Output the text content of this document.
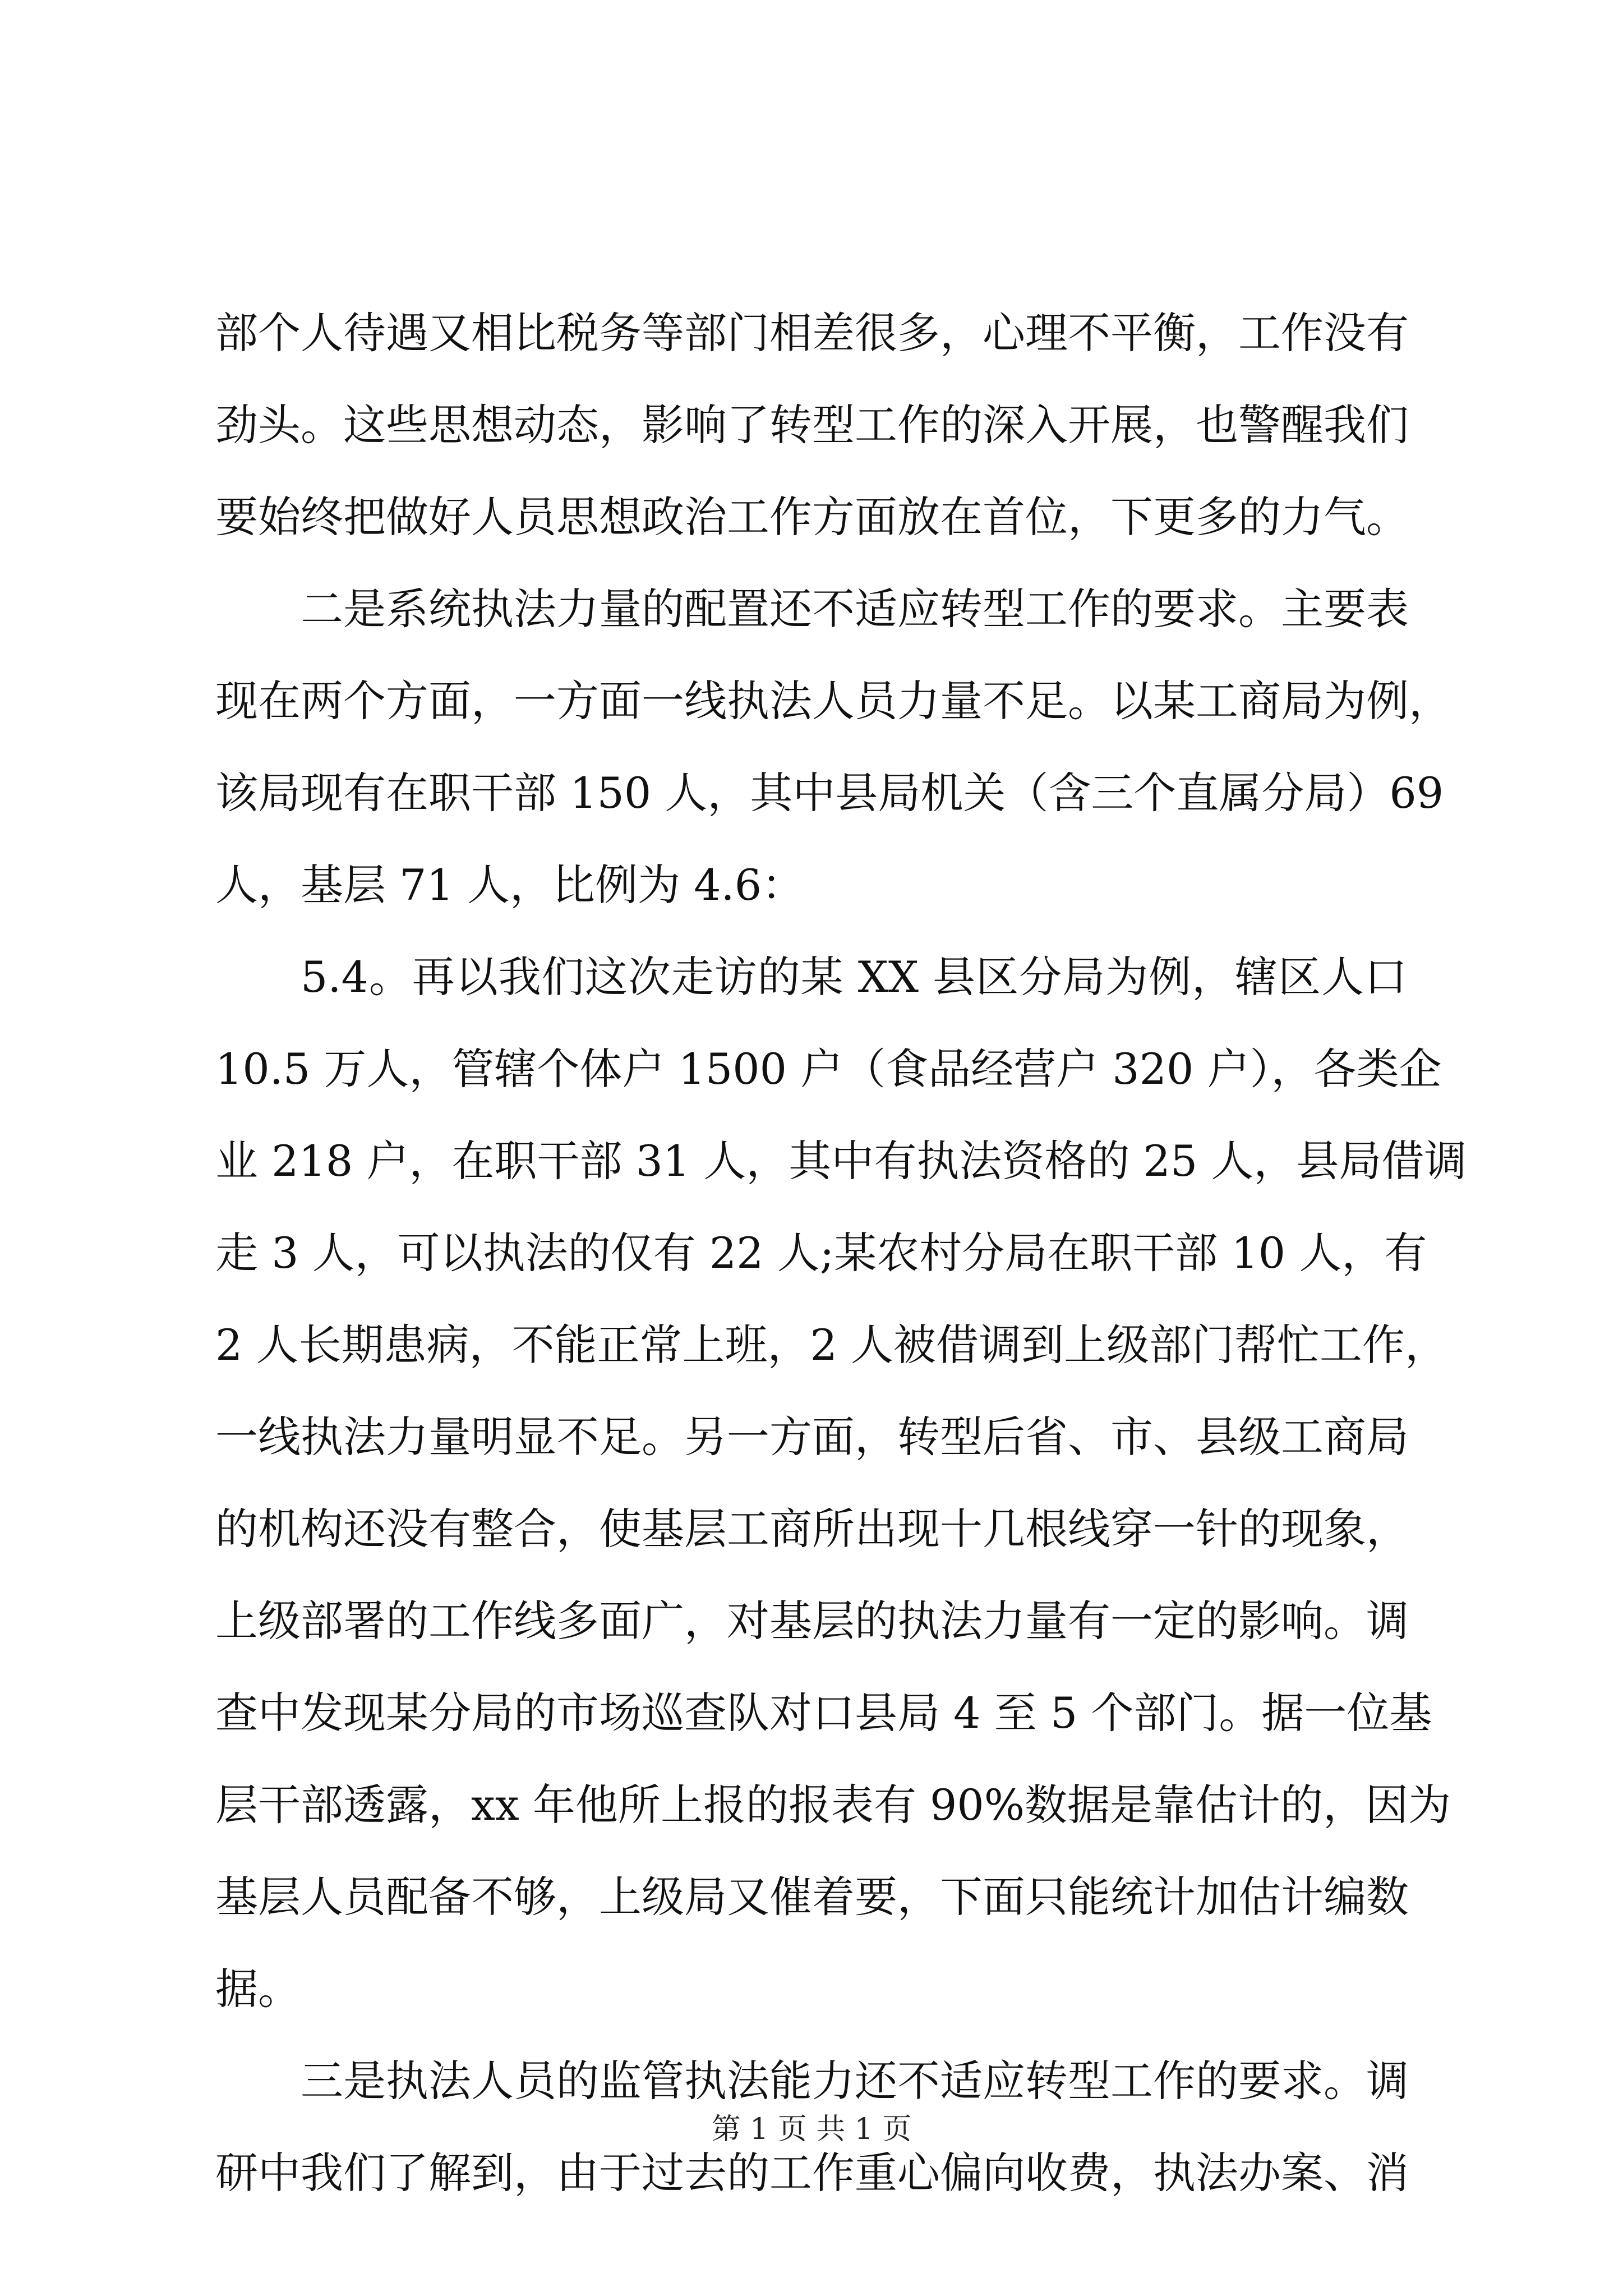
部个人待遇又相比税务等部门相差很多，心理不平衡，工作没有
劲头。这些思想动态，影响了转型工作的深入开展，也警醒我们
要始终把做好人员思想政治工作方面放在首位，下更多的力气。
二是系统执法力量的配置还不适应转型工作的要求。主要表
现在两个方面，一方面一线执法人员力量不足。以某工商局为例，
该局现有在职干部 150 人，其中县局机关（含三个直属分局）69
人，基层 71 人，比例为 4.6：
5.4。再以我们这次走访的某 XX 县区分局为例，辖区人口
10.5 万人，管辖个体户 1500 户（食品经营户 320 户），各类企
业 218 户，在职干部 31 人，其中有执法资格的 25 人，县局借调
走 3 人，可以执法的仅有 22 人;某农村分局在职干部 10 人，有
2 人长期患病，不能正常上班，2 人被借调到上级部门帮忙工作，
一线执法力量明显不足。另一方面，转型后省、市、县级工商局
的机构还没有整合，使基层工商所出现十几根线穿一针的现象，
上级部署的工作线多面广，对基层的执法力量有一定的影响。调
查中发现某分局的市场巡查队对口县局 4 至 5 个部门。据一位基
层干部透露，xx 年他所上报的报表有 90%数据是靠估计的，因为
基层人员配备不够，上级局又催着要，下面只能统计加估计编数
据。
三是执法人员的监管执法能力还不适应转型工作的要求。调
研中我们了解到，由于过去的工作重心偏向收费，执法办案、消
第 1 页 共 1 页
